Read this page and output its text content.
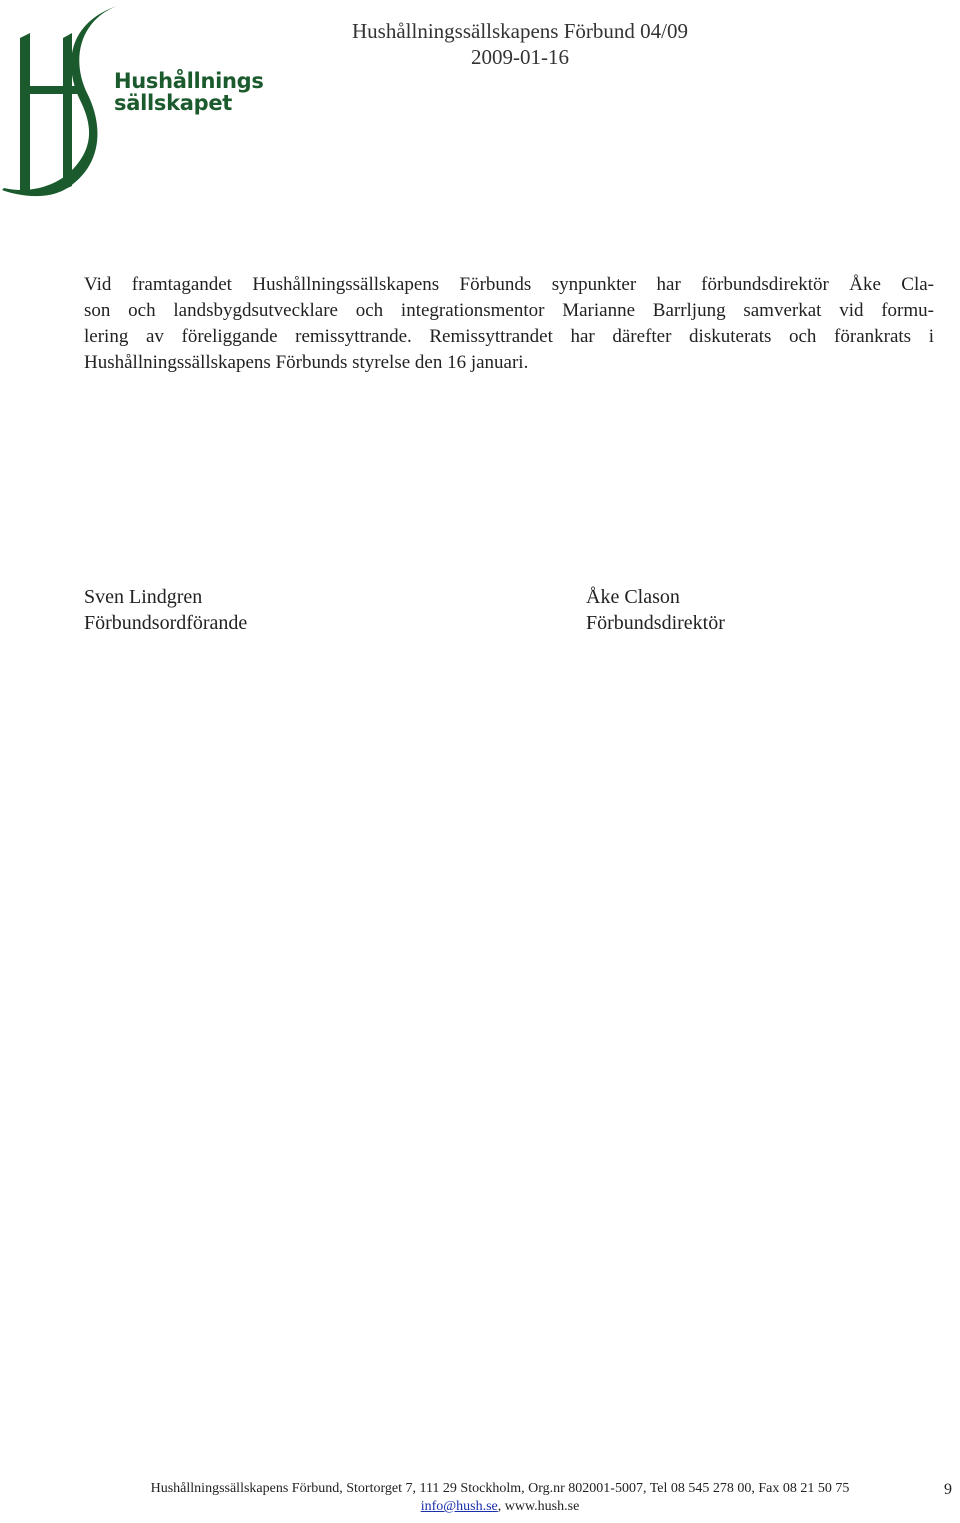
Hushållnings
sällskapet
Hushållningssällskapens Förbund 04/09
2009-01-16
Vid framtagandet Hushållningssällskapens Förbunds synpunkter har förbundsdirektör Åke Cla-
son och landsbygdsutvecklare och integrationsmentor Marianne Barrljung samverkat vid formu-
lering av föreliggande remissyttrande. Remissyttrandet har därefter diskuterats och förankrats i
Hushållningssällskapens Förbunds styrelse den 16 januari.
Sven Lindgren
Förbundsordförande
Åke Clason
Förbundsdirektör
Hushållningssällskapens Förbund, Stortorget 7, 111 29 Stockholm, Org.nr 802001-5007, Tel 08 545 278 00, Fax 08 21 50 75
info@hush.se, www.hush.se
9
